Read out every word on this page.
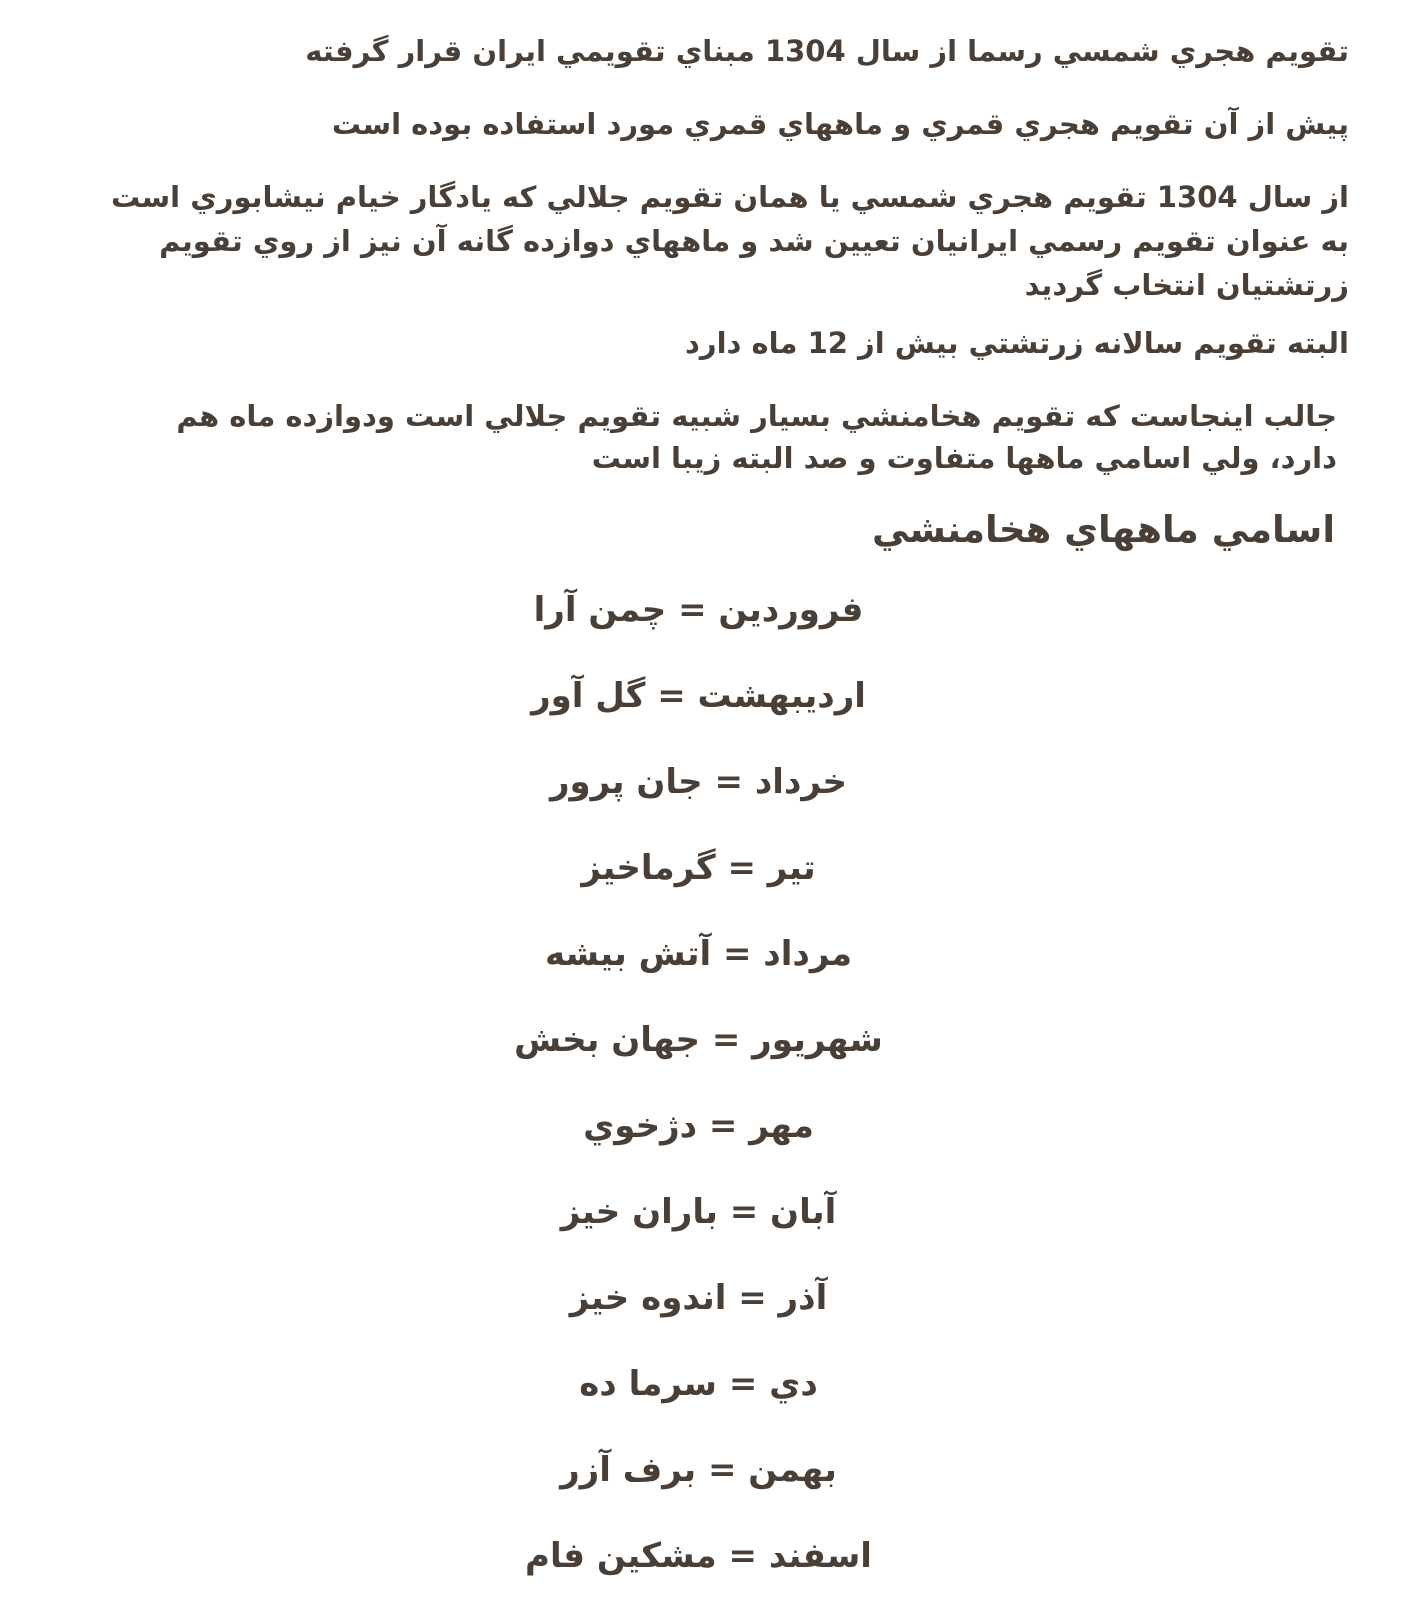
تقويم هجري شمسي رسما از سال 1304 مبناي تقويمي ايران قرار گرفته

پيش از آن تقويم هجري قمري و ماههاي قمري مورد استفاده بوده است

از سال 1304 تقويم هجري شمسي يا همان تقويم جلالي كه يادگار خيام نيشابوري است
به عنوان تقويم رسمي ايرانيان تعيين شد و ماههاي دوازده گانه آن نيز از روي تقويم
زرتشتيان انتخاب گرديد

البته تقويم سالانه زرتشتي بيش از 12 ماه دارد

جالب اينجاست كه تقويم هخامنشي بسيار شبيه تقويم جلالي است ودوازده ماه هم
دارد، ولي اسامي ماهها متفاوت و صد البته زيبا است

اسامي ماههاي هخامنشي
فروردين = چمن آرا
ارديبهشت = گل آور
خرداد = جان پرور
تير = گرماخيز
مرداد = آتش بيشه
شهريور = جهان بخش
مهر = دژخوي
آبان = باران خيز
آذر = اندوه خيز
دي = سرما ده
بهمن = برف آزر
اسفند = مشكين فام
